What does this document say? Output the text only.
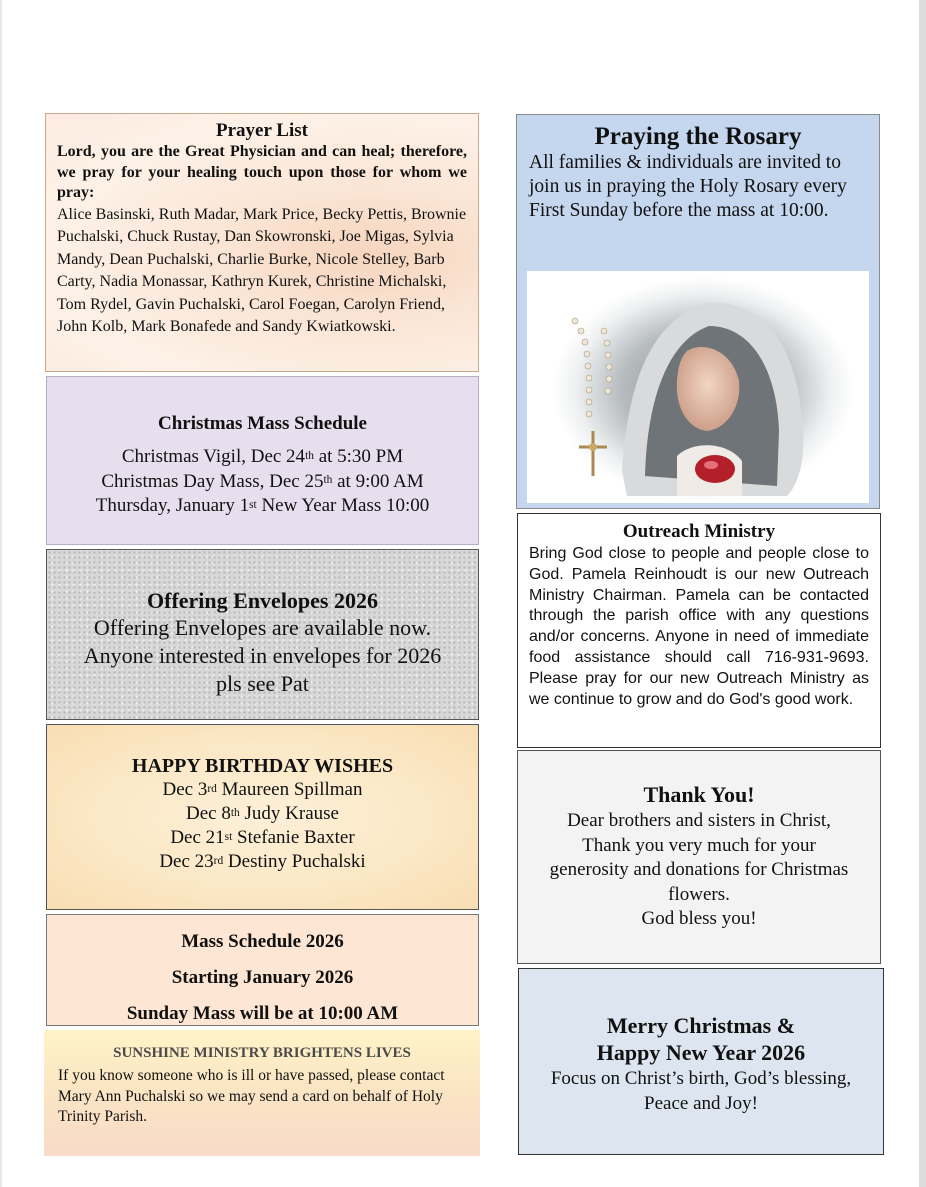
Prayer List
Lord, you are the Great Physician and can heal; therefore, we pray for your healing touch upon those for whom we pray:
Alice Basinski, Ruth Madar, Mark Price, Becky Pettis, Brownie Puchalski, Chuck Rustay, Dan Skowronski, Joe Migas, Sylvia Mandy, Dean Puchalski, Charlie Burke, Nicole Stelley, Barb Carty, Nadia Monassar, Kathryn Kurek, Christine Michalski, Tom Rydel, Gavin Puchalski, Carol Foegan, Carolyn Friend, John Kolb, Mark Bonafede and Sandy Kwiatkowski.
Christmas Mass Schedule
Christmas Vigil, Dec 24th at 5:30 PM
Christmas Day Mass, Dec 25th at 9:00 AM
Thursday, January 1st New Year Mass 10:00
Offering Envelopes 2026
Offering Envelopes are available now.
Anyone interested in envelopes for 2026
pls see Pat
HAPPY BIRTHDAY WISHES
Dec 3rd Maureen Spillman
Dec 8th Judy Krause
Dec 21st Stefanie Baxter
Dec 23rd Destiny Puchalski
Mass Schedule 2026
Starting January 2026
Sunday Mass will be at 10:00 AM
SUNSHINE MINISTRY BRIGHTENS LIVES
If you know someone who is ill or have passed, please contact Mary Ann Puchalski so we may send a card on behalf of Holy Trinity Parish.
Praying the Rosary
All families & individuals are invited to join us in praying the Holy Rosary every First Sunday before the mass at 10:00.
Outreach Ministry
Bring God close to people and people close to God. Pamela Reinhoudt is our new Outreach Ministry Chairman. Pamela can be contacted through the parish office with any questions and/or concerns. Anyone in need of immediate food assistance should call 716-931-9693. Please pray for our new Outreach Ministry as we continue to grow and do God's good work.
Thank You!
Dear brothers and sisters in Christ,
Thank you very much for your
generosity and donations for Christmas
flowers.
God bless you!
Merry Christmas &
Happy New Year 2026
Focus on Christ’s birth, God’s blessing,
Peace and Joy!
